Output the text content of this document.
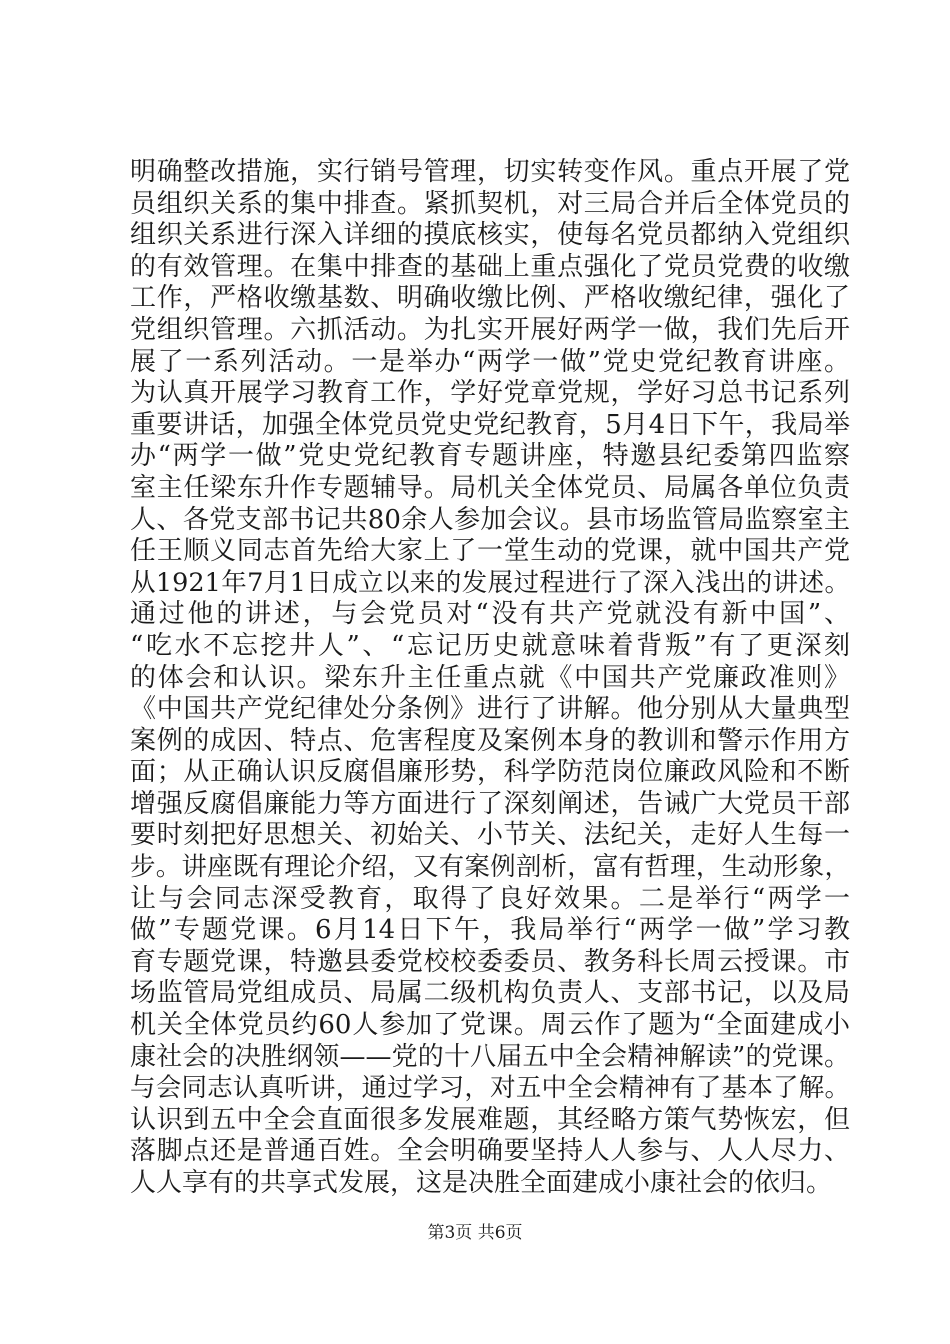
明确整改措施，实行销号管理，切实转变作风。重点开展了党
员组织关系的集中排查。紧抓契机，对三局合并后全体党员的
组织关系进行深入详细的摸底核实，使每名党员都纳入党组织
的有效管理。在集中排查的基础上重点强化了党员党费的收缴
工作，严格收缴基数、明确收缴比例、严格收缴纪律，强化了
党组织管理。六抓活动。为扎实开展好两学一做，我们先后开
展了一系列活动。一是举办“两学一做”党史党纪教育讲座。
为认真开展学习教育工作，学好党章党规，学好习总书记系列
重要讲话，加强全体党员党史党纪教育，5月4日下午，我局举
办“两学一做”党史党纪教育专题讲座，特邀县纪委第四监察
室主任梁东升作专题辅导。局机关全体党员、局属各单位负责
人、各党支部书记共80余人参加会议。县市场监管局监察室主
任王顺义同志首先给大家上了一堂生动的党课，就中国共产党
从1921年7月1日成立以来的发展过程进行了深入浅出的讲述。
通过他的讲述，与会党员对“没有共产党就没有新中国”、
“吃水不忘挖井人”、“忘记历史就意味着背叛”有了更深刻
的体会和认识。梁东升主任重点就《中国共产党廉政准则》
《中国共产党纪律处分条例》进行了讲解。他分别从大量典型
案例的成因、特点、危害程度及案例本身的教训和警示作用方
面；从正确认识反腐倡廉形势，科学防范岗位廉政风险和不断
增强反腐倡廉能力等方面进行了深刻阐述，告诫广大党员干部
要时刻把好思想关、初始关、小节关、法纪关，走好人生每一
步。讲座既有理论介绍，又有案例剖析，富有哲理，生动形象，
让与会同志深受教育，取得了良好效果。二是举行“两学一
做”专题党课。6月14日下午，我局举行“两学一做”学习教
育专题党课，特邀县委党校校委委员、教务科长周云授课。市
场监管局党组成员、局属二级机构负责人、支部书记，以及局
机关全体党员约60人参加了党课。周云作了题为“全面建成小
康社会的决胜纲领——党的十八届五中全会精神解读”的党课。
与会同志认真听讲，通过学习，对五中全会精神有了基本了解。
认识到五中全会直面很多发展难题，其经略方策气势恢宏，但
落脚点还是普通百姓。全会明确要坚持人人参与、人人尽力、
人人享有的共享式发展，这是决胜全面建成小康社会的依归。
第3页 共6页
